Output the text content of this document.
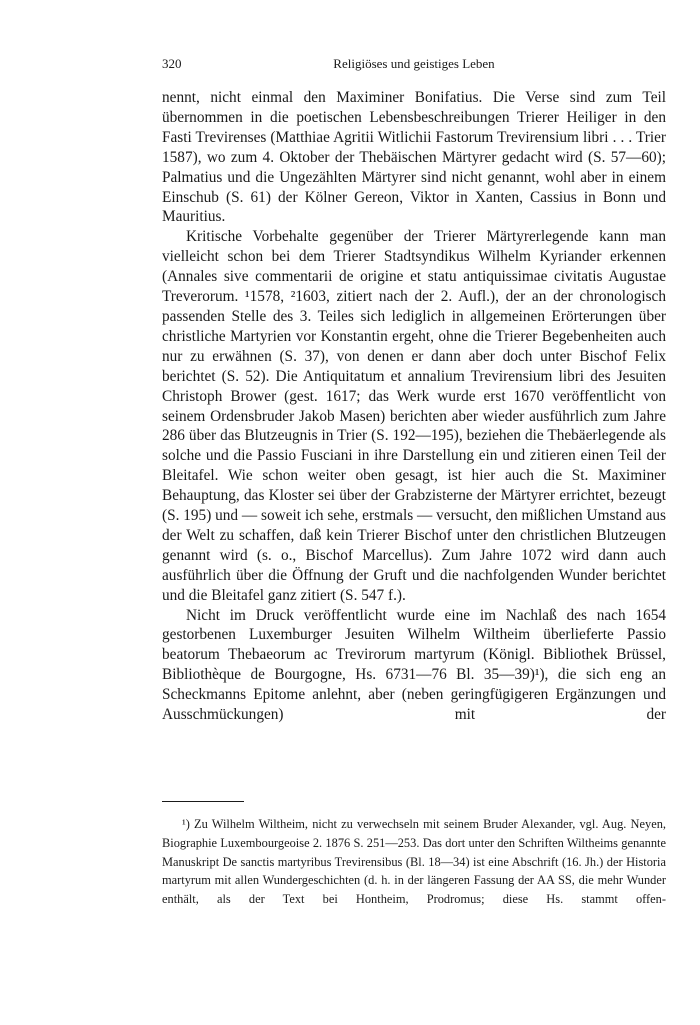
320	Religiöses und geistiges Leben

nennt, nicht einmal den Maximiner Bonifatius. Die Verse sind zum Teil übernommen in die poetischen Lebensbeschreibungen Trierer Heiliger in den Fasti Trevirenses (Matthiae Agritii Witlichii Fastorum Trevirensium libri . . . Trier 1587), wo zum 4. Oktober der Thebäischen Märtyrer gedacht wird (S. 57—60); Palmatius und die Ungezählten Märtyrer sind nicht genannt, wohl aber in einem Einschub (S. 61) der Kölner Gereon, Viktor in Xanten, Cassius in Bonn und Mauritius.

Kritische Vorbehalte gegenüber der Trierer Märtyrerlegende kann man vielleicht schon bei dem Trierer Stadtsyndikus Wilhelm Kyriander erkennen (Annales sive commentarii de origine et statu antiquissimae civitatis Augustae Treverorum. ¹1578, ²1603, zitiert nach der 2. Aufl.), der an der chronologisch passenden Stelle des 3. Teiles sich lediglich in allgemeinen Erörterungen über christliche Martyrien vor Konstantin ergeht, ohne die Trierer Begebenheiten auch nur zu erwähnen (S. 37), von denen er dann aber doch unter Bischof Felix berichtet (S. 52). Die Antiquitatum et annalium Trevirensium libri des Jesuiten Christoph Brower (gest. 1617; das Werk wurde erst 1670 veröffentlicht von seinem Ordensbruder Jakob Masen) berichten aber wieder ausführlich zum Jahre 286 über das Blutzeugnis in Trier (S. 192—195), beziehen die Thebäerlegende als solche und die Passio Fusciani in ihre Darstellung ein und zitieren einen Teil der Bleitafel. Wie schon weiter oben gesagt, ist hier auch die St. Maximiner Behauptung, das Kloster sei über der Grabzisterne der Märtyrer errichtet, bezeugt (S. 195) und — soweit ich sehe, erstmals — versucht, den mißlichen Umstand aus der Welt zu schaffen, daß kein Trierer Bischof unter den christlichen Blutzeugen genannt wird (s. o., Bischof Marcellus). Zum Jahre 1072 wird dann auch ausführlich über die Öffnung der Gruft und die nachfolgenden Wunder berichtet und die Bleitafel ganz zitiert (S. 547 f.).

Nicht im Druck veröffentlicht wurde eine im Nachlaß des nach 1654 gestorbenen Luxemburger Jesuiten Wilhelm Wiltheim überlieferte Passio beatorum Thebaeorum ac Trevirorum martyrum (Königl. Bibliothek Brüssel, Bibliothèque de Bourgogne, Hs. 6731—76 Bl. 35—39)¹), die sich eng an Scheckmanns Epitome anlehnt, aber (neben geringfügigeren Ergänzungen und Ausschmückungen) mit der

¹) Zu Wilhelm Wiltheim, nicht zu verwechseln mit seinem Bruder Alexander, vgl. Aug. Neyen, Biographie Luxembourgeoise 2. 1876 S. 251—253. Das dort unter den Schriften Wiltheims genannte Manuskript De sanctis martyribus Trevirensibus (Bl. 18—34) ist eine Abschrift (16. Jh.) der Historia martyrum mit allen Wundergeschichten (d. h. in der längeren Fassung der AA SS, die mehr Wunder enthält, als der Text bei Hontheim, Prodromus; diese Hs. stammt offen-
